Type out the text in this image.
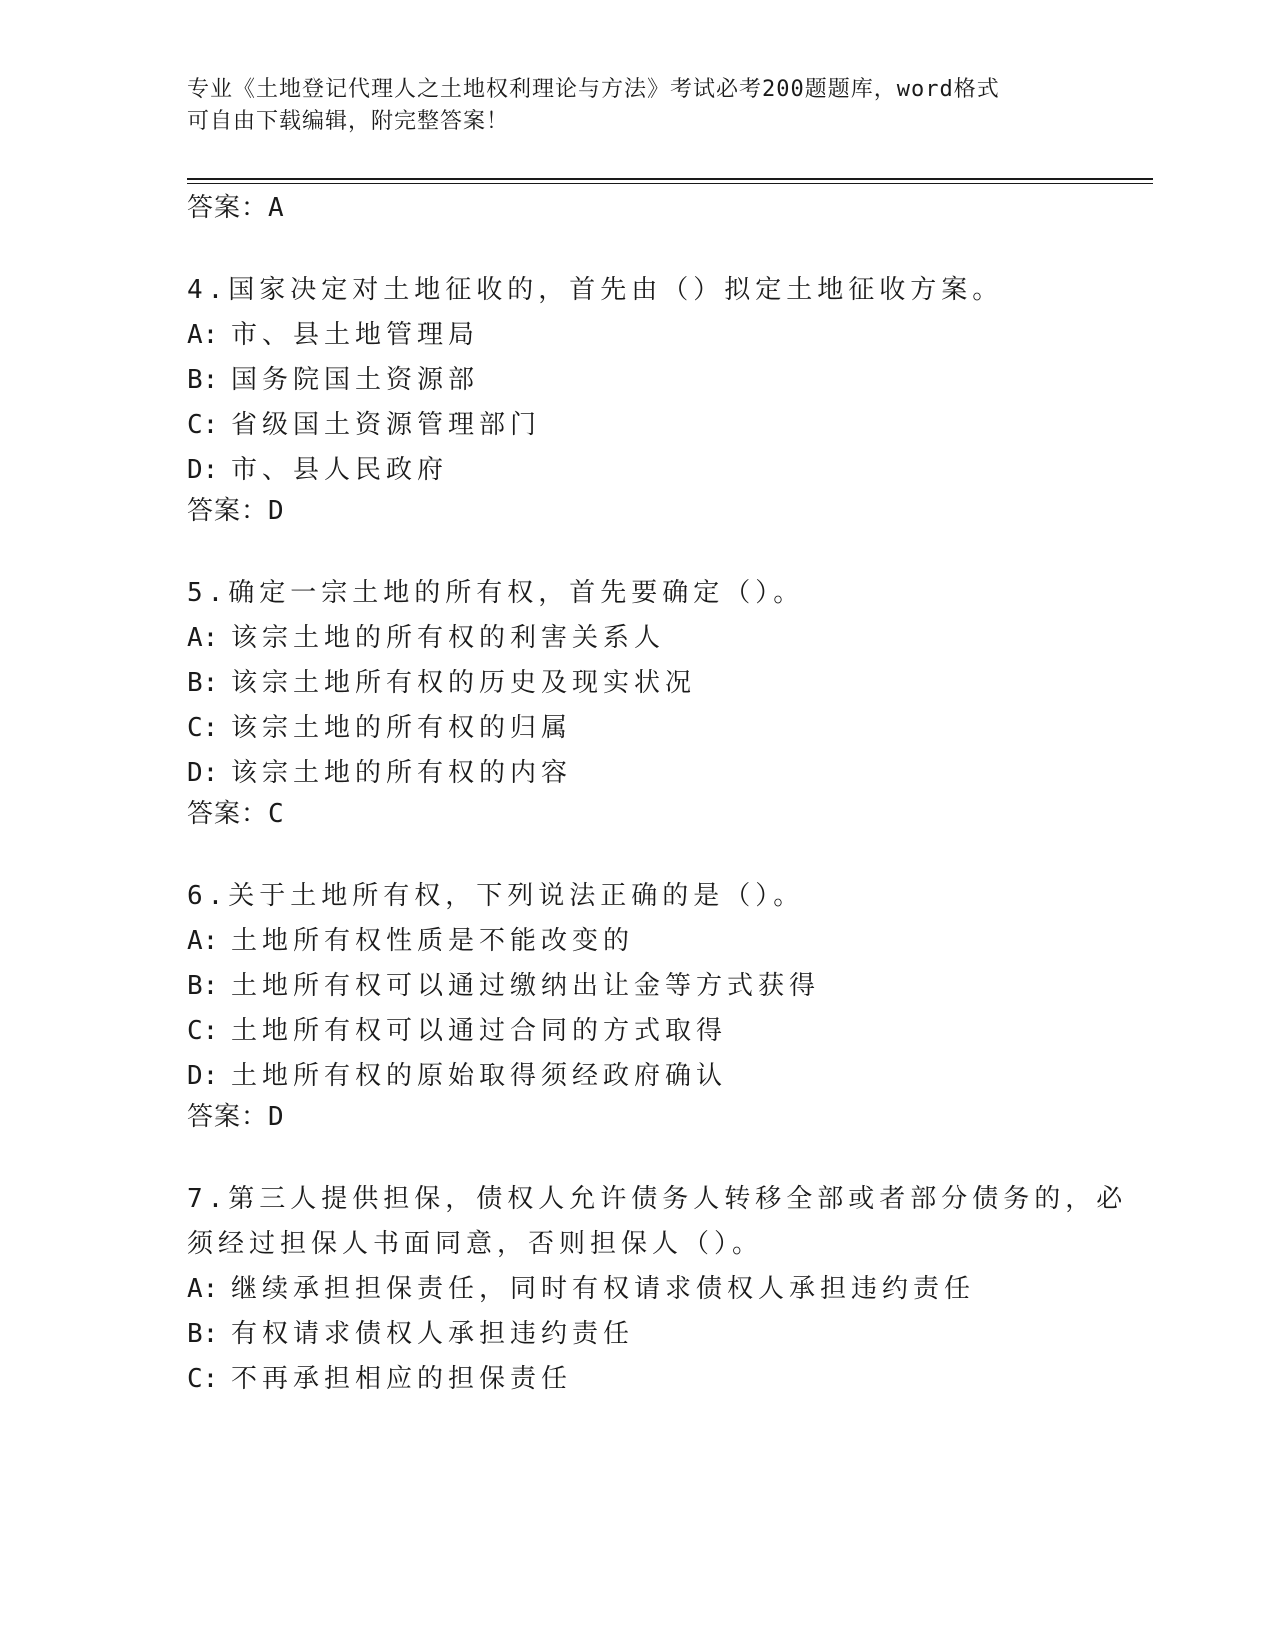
专业《土地登记代理人之土地权利理论与方法》考试必考200题题库，word格式
可自由下载编辑，附完整答案！
答案：A
4.国家决定对土地征收的，首先由（）拟定土地征收方案。
A: 市、县土地管理局
B: 国务院国土资源部
C: 省级国土资源管理部门
D: 市、县人民政府
答案：D
5.确定一宗土地的所有权，首先要确定（）。
A: 该宗土地的所有权的利害关系人
B: 该宗土地所有权的历史及现实状况
C: 该宗土地的所有权的归属
D: 该宗土地的所有权的内容
答案：C
6.关于土地所有权，下列说法正确的是（）。
A: 土地所有权性质是不能改变的
B: 土地所有权可以通过缴纳出让金等方式获得
C: 土地所有权可以通过合同的方式取得
D: 土地所有权的原始取得须经政府确认
答案：D
7.第三人提供担保，债权人允许债务人转移全部或者部分债务的，必
须经过担保人书面同意，否则担保人（）。
A: 继续承担担保责任，同时有权请求债权人承担违约责任
B: 有权请求债权人承担违约责任
C: 不再承担相应的担保责任
